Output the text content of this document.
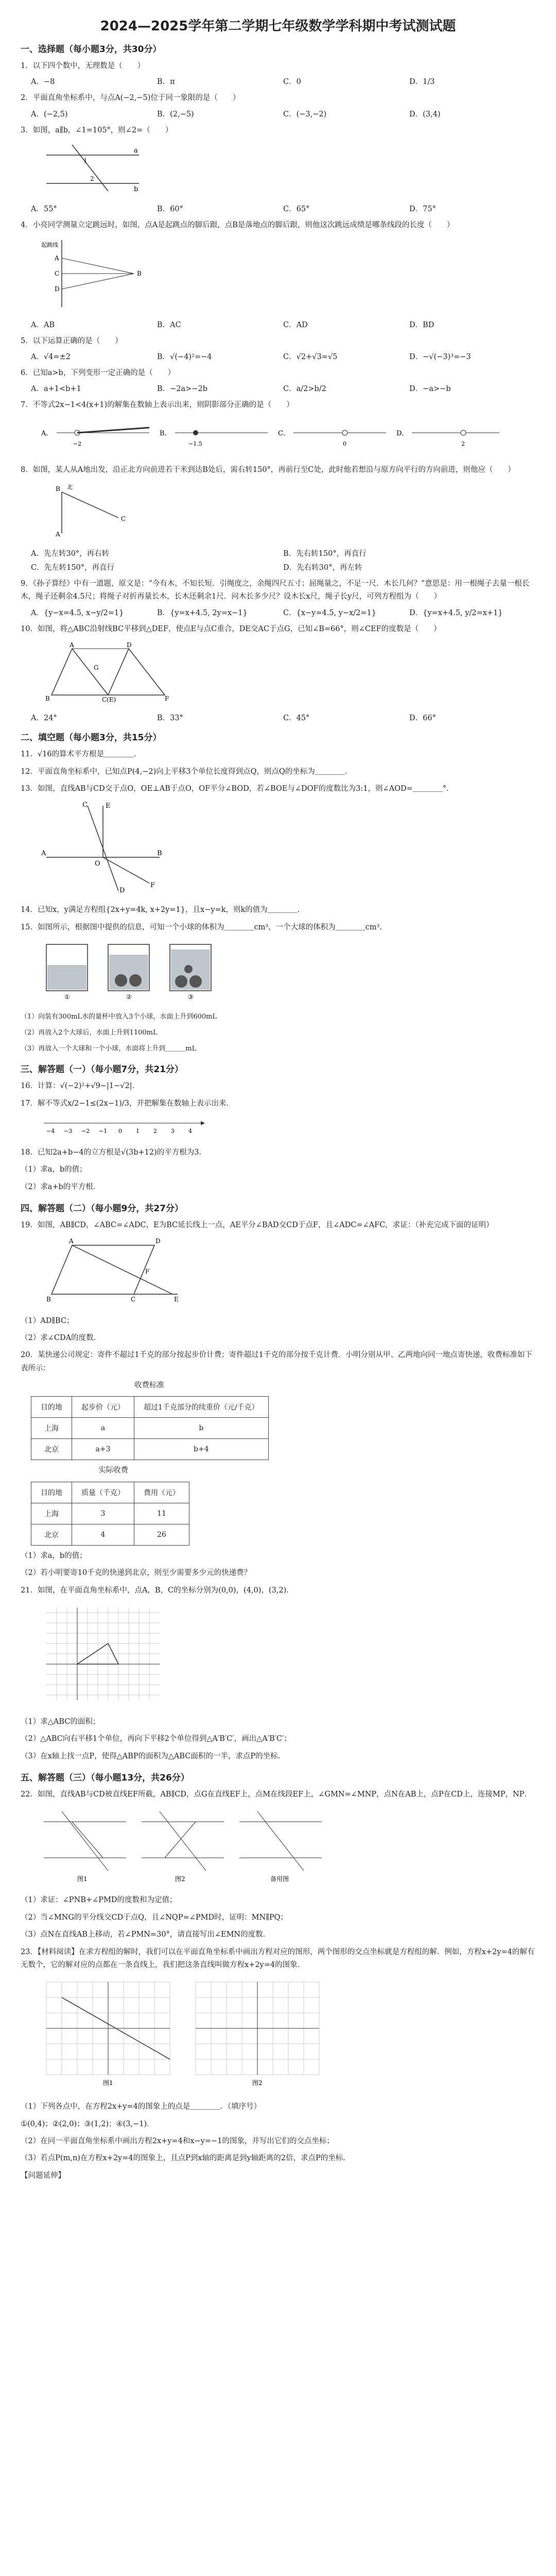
2024—2025学年第二学期七年级数学学科期中考试测试题
一、选择题（每小题3分，共30分）
1．以下四个数中，无理数是（　　）
A．−8	B．π	C．0	D．1/3
2．平面直角坐标系中，与点A(−2,−5)位于同一象限的是（　　）
A．(−2,5)	B．(2,−5)	C．(−3,−2)	D．(3,4)
3．如图，a∥b，∠1=105°，则∠2=（　　）
a
b
1
2
A．55°	B．60°	C．65°	D．75°
4．小亮同学测量立定跳远时，如图，点A是起跳点的脚后跟，点B是落地点的脚后跟，则他这次跳远成绩是哪条线段的长度（　　）
起跳线
A
B
C
D
A．AB	B．AC	C．AD	D．BD
5．以下运算正确的是（　　）
A．√4=±2	B．√(−4)²=−4	C．√2+√3=√5	D．−√(−3)³=−3
6．已知a>b，下列变形一定正确的是（　　）
A．a+1<b+1	B．−2a>−2b	C．a/2>b/2	D．−a>−b
7．不等式2x−1<4(x+1)的解集在数轴上表示出来，则阴影部分正确的是（　　）
A．
−2
B．
−1.5
C．
0
D．
2
8．如图，某人从A地出发，沿正北方向前进若干米到达B处后，需右转150°，再前行至C处，此时他若想沿与原方向平行的方向前进，则他应（　　）
A
B
C
北
A．先左转30°，再右转	B．先右转150°，再直行
C．先左转150°，再直行	D．先右转30°，再左转
9．《孙子算经》中有一道题，原文是：“今有木，不知长短．引绳度之，余绳四尺五寸；屈绳量之，不足一尺．木长几何？”意思是：用一根绳子去量一根长木，绳子还剩余4.5尺；将绳子对折再量长木，长木还剩余1尺．问木长多少尺？设木长x尺，绳子长y尺，可列方程组为（　　）
A．{y−x=4.5, x−y/2=1}	B．{y=x+4.5, 2y=x−1}	C．{x−y=4.5, y−x/2=1}	D．{y=x+4.5, y/2=x+1}
10．如图，将△ABC沿射线BC平移到△DEF，使点E与点C重合，DE交AC于点G，已知∠B=66°，则∠CEF的度数是（　　）
A	D
B	C(E)	F
G
A．24°	B．33°	C．45°	D．66°
二、填空题（每小题3分，共15分）
11．√16的算术平方根是＿＿＿＿．
12．平面直角坐标系中，已知点P(4,−2)向上平移3个单位长度得到点Q，则点Q的坐标为＿＿＿＿．
13．如图，直线AB与CD交于点O，OE⊥AB于点O，OF平分∠BOD，若∠BOE与∠DOF的度数比为3:1，则∠AOD=＿＿＿＿°．
A	B
C
D
E
F
O
14．已知x，y满足方程组{2x+y=4k, x+2y=1}，且x−y=k，则k的值为＿＿＿＿．
15．如图所示，根据图中提供的信息，可知一个小球的体积为＿＿＿＿cm³，一个大球的体积为＿＿＿＿cm³．
①	②	③
（1）向装有300mL水的量杯中放入3个小球，水面上升到600mL
（2）再放入2个大球后，水面上升到1100mL
（3）再放入一个大球和一个小球，水面将上升到＿＿＿mL
三、解答题（一）（每小题7分，共21分）
16．计算：√(−2)²+√9−|1−√2|．
17．解不等式x/2−1≤(2x−1)/3，并把解集在数轴上表示出来．
−4 −3 −2 −1 0 1 2 3 4
18．已知2a+b−4的立方根是√(3b+12)的平方根为3．
（1）求a，b的值；
（2）求a+b的平方根．
四、解答题（二）（每小题9分，共27分）
19．如图，AB∥CD，∠ABC=∠ADC，E为BC延长线上一点，AE平分∠BAD交CD于点F，且∠ADC=∠AFC，求证：（补充完成下面的证明）
A
B	C
D
E
F
（1）AD∥BC；
（2）求∠CDA的度数．
20．某快递公司规定：寄件不超过1千克的部分按起步价计费；寄件超过1千克的部分按千克计费．小明分别从甲、乙两地向同一地点寄快递，收费标准如下表所示：
收费标准
目的地	起步价（元）	超过1千克部分的续重价（元/千克）
上海	a	b
北京	a+3	b+4
实际收费
目的地	质量（千克）	费用（元）
上海	3	11
北京	4	26
（1）求a，b的值；
（2）若小明要寄10千克的快递到北京，则至少需要多少元的快递费？
21．如图，在平面直角坐标系中，点A，B，C的坐标分别为(0,0)，(4,0)，(3,2)．
（1）求△ABC的面积；
（2）△ABC向右平移1个单位，再向下平移2个单位得到△A′B′C′，画出△A′B′C′；
（3）在x轴上找一点P，使得△ABP的面积为△ABC面积的一半，求点P的坐标．
五、解答题（三）（每小题13分，共26分）
22．如图，直线AB与CD被直线EF所截，AB∥CD，点G在直线EF上，点M在线段EF上，∠GMN=∠MNP，点N在AB上，点P在CD上，连接MP，NP．
图1	图2	备用图
（1）求证：∠PNB+∠PMD的度数和为定值；
（2）当∠MNG的平分线交CD于点Q，且∠NQP=∠PMD时，证明：MN∥PQ；
（3）点N在直线AB上移动，若∠PMN=30°，请直接写出∠EMN的度数．
23．【材料阅读】在求方程组的解时，我们可以在平面直角坐标系中画出方程对应的图形，两个图形的交点坐标就是方程组的解．例如，方程x+2y=4的解有无数个，它的解对应的点都在一条直线上，我们把这条直线叫做方程x+2y=4的图象．
图1	图2
（1）下列各点中，在方程2x+y=4的图象上的点是＿＿＿＿．（填序号）
①(0,4)；②(2,0)；③(1,2)；④(3,−1)．
（2）在同一平面直角坐标系中画出方程2x+y=4和x−y=−1的图象，并写出它们的交点坐标；
（3）若点P(m,n)在方程x+2y=4的图象上，且点P到x轴的距离是到y轴距离的2倍，求点P的坐标．
【问题延伸】
